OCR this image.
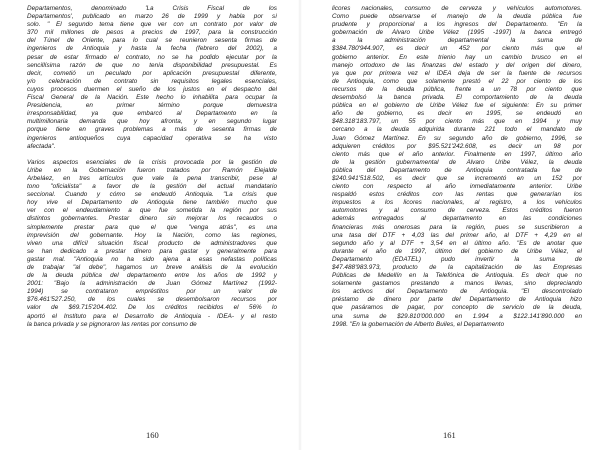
Departamentos, denominado 'La Crisis Fiscal de los
Departamentos', publicado en marzo 26 de 1999 y habla por sí
solo. " El segundo tema tiene que ver con un contrato por valor de
370 mil millones de pesos a precios de 1997, para la construcción
del Túnel de Oriente, para lo cual se reunieron sesenta firmas de
ingenieros de Antioquia y hasta la fecha (febrero del 2002), a
pesar de estar firmado el contrato, no se ha podido ejecutar por la
sencillísima razón de que no tenía disponibilidad presupuestal. Es
decir, cometió un peculado por aplicación presupuestal diferente,
y/o celebración de contrato sin requisitos legales esenciales,
cuyos procesos duermen el sueño de los justos en el despacho del
Fiscal General de la Nación. Este hecho lo inhabilita para ocupar la
Presidencia, en primer término porque demuestra
irresponsabilidad, ya que embarcó al Departamento en la
multimillonaria demanda que hoy afronta, y en segundo lugar
porque tiene en graves problemas a más de sesenta firmas de
ingenieros antioqueños cuya capacidad operativa se ha visto
afectada".
Varios aspectos esenciales de la crisis provocada por la gestión de
Uribe en la Gobernación fueron tratados por Ramón Elejalde
Arbeláez, en tres artículos que vale la pena transcribir, pese al
tono "oficialista" a favor de la gestión del actual mandatario
seccional. Cuando y cómo se endeudó Antioquia. "La crisis que
hoy vive el Departamento de Antioquia tiene también mucho que
ver con el endeudamiento a que fue sometida la región por sus
distintos gobernantes. Prestar dinero sin mejorar los recaudos o
simplemente prestar para que el que "venga atrás", es una
imprevisión del gobernante. Hoy la Nación, como las regiones,
viven una difícil situación fiscal producto de administradores que
se han dedicado a prestar dinero para gastar y generalmente para
gastar mal. "Antioquia no ha sido ajena a esas nefastas políticas
de trabajar "al debe", hagamos un breve análisis de la evolución
de la deuda pública del departamento entre los años de 1992 y
2001: "Bajo la administración de Juan Gómez Martínez (1992-
1994) se contrataron empréstitos por un valor de
$76.461'527.250, de los cuales se desembolsaron recursos por
valor de $69.715'204.402. De los créditos recibidos el 56% lo
aportó el Instituto para el Desarrollo de Antioquia - IDEA- y el resto
la banca privada y se pignoraron las rentas por consumo de
160
licores nacionales, consumo de cerveza y vehículos automotores.
Como puede observarse el manejo de la deuda pública fue
prudente y proporcional a los ingresos del Departamento. "En la
gobernación de Álvaro Uribe Vélez (1995 -1997) la banca entregó
a la administración departamental la suma de
$384.780'944.907, es decir un 452 por ciento más que el
gobierno anterior. En este trienio hay un cambio brusco en el
manejo ortodoxo de las finanzas del estado y del origen del dinero,
ya que por primera vez el IDEA deja de ser la fuente de recursos
de Antioquia, como que solamente prestó el 22 por ciento de los
recursos de la deuda pública, frente a un 78 por ciento que
desembolsó la banca privada. El comportamiento de la deuda
pública en el gobierno de Uribe Vélez fue el siguiente: En su primer
año de gobierno, es decir en 1995, se endeudó en
$48.318'183.797, un 55 por ciento más que en 1994 y muy
cercano a la deuda adquirida durante 221 todo el mandato de
Juan Gómez Martínez. En su segundo año de gobierno, 1996, se
adquieren créditos por $95.521'242.608, es decir un 98 por
ciento más que el año anterior. Finalmente en 1997, último año
de la gestión gubernamental de Álvaro Uribe Vélez, la deuda
pública del Departamento de Antioquia contratada fue de
$240.941'518.502, es decir que se incrementó en un 152 por
ciento con respecto al año inmediatamente anterior. Uribe
respaldó estos créditos con las rentas que generarían los
impuestos a los licores nacionales, al registro, a los vehículos
automotores y al consumo de cerveza. Estos créditos fueron
además entregados al departamento en las condiciones
financieras más onerosas para la región, pues se suscribieron a
una tasa del DTF + 4,03 las del primer año, al DTF + 4,29 en el
segundo año y al DTF + 3,54 en el último año. "Es de anotar que
durante el año de 1997, último del gobierno de Uribe Vélez, el
Departamento (EDATEL) pudo invertir la suma de
$47.488'983.973, producto de la capitalización de las Empresas
Públicas de Medellín en la Telefónica de Antioquia. Es decir que no
solamente gastamos prestando a manos llenas, sino depreciando
los activos del Departamento de Antioquia. "El descontrolado
préstamo de dinero por parte del Departamento de Antioquia hizo
que pasáramos de pagar, por concepto de servicio de la deuda,
una suma de $29.810'000.000 en 1.994 a $122.141'890.000 en
1998. "En la gobernación de Alberto Builes, el Departamento
161
